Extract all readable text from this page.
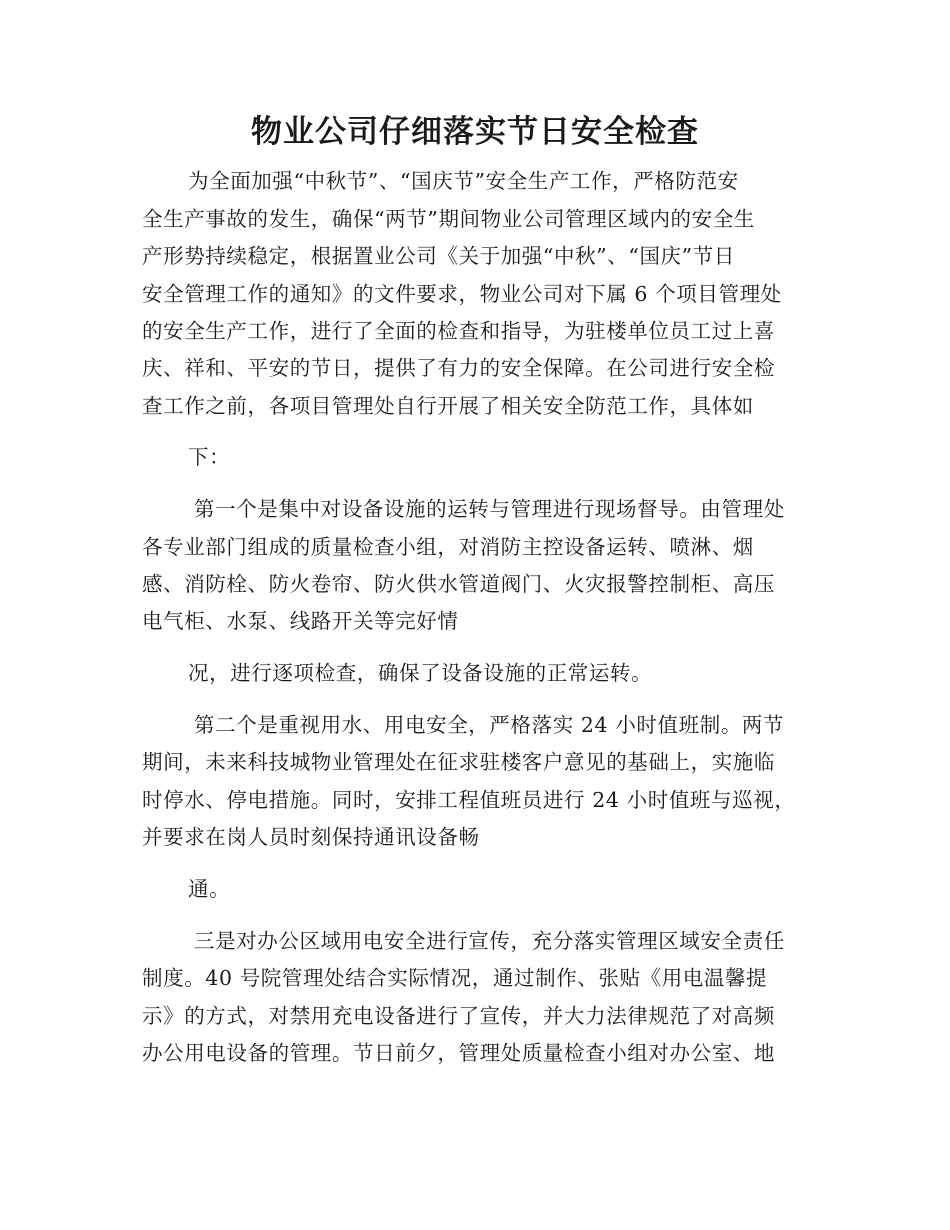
物业公司仔细落实节日安全检查

为全面加强“中秋节”、“国庆节”安全生产工作，严格防范安

全生产事故的发生，确保“两节”期间物业公司管理区域内的安全生

产形势持续稳定，根据置业公司《关于加强“中秋”、“国庆”节日

安全管理工作的通知》的文件要求，物业公司对下属 6 个项目管理处

的安全生产工作，进行了全面的检查和指导，为驻楼单位员工过上喜

庆、祥和、平安的节日，提供了有力的安全保障。在公司进行安全检

查工作之前，各项目管理处自行开展了相关安全防范工作，具体如

下：

第一个是集中对设备设施的运转与管理进行现场督导。由管理处

各专业部门组成的质量检查小组，对消防主控设备运转、喷淋、烟

感、消防栓、防火卷帘、防火供水管道阀门、火灾报警控制柜、高压

电气柜、水泵、线路开关等完好情

况，进行逐项检查，确保了设备设施的正常运转。

第二个是重视用水、用电安全，严格落实 24 小时值班制。两节

期间，未来科技城物业管理处在征求驻楼客户意见的基础上，实施临

时停水、停电措施。同时，安排工程值班员进行 24 小时值班与巡视，

并要求在岗人员时刻保持通讯设备畅

通。

三是对办公区域用电安全进行宣传，充分落实管理区域安全责任

制度。40 号院管理处结合实际情况，通过制作、张贴《用电温馨提

示》的方式，对禁用充电设备进行了宣传，并大力法律规范了对高频

办公用电设备的管理。节日前夕，管理处质量检查小组对办公室、地
